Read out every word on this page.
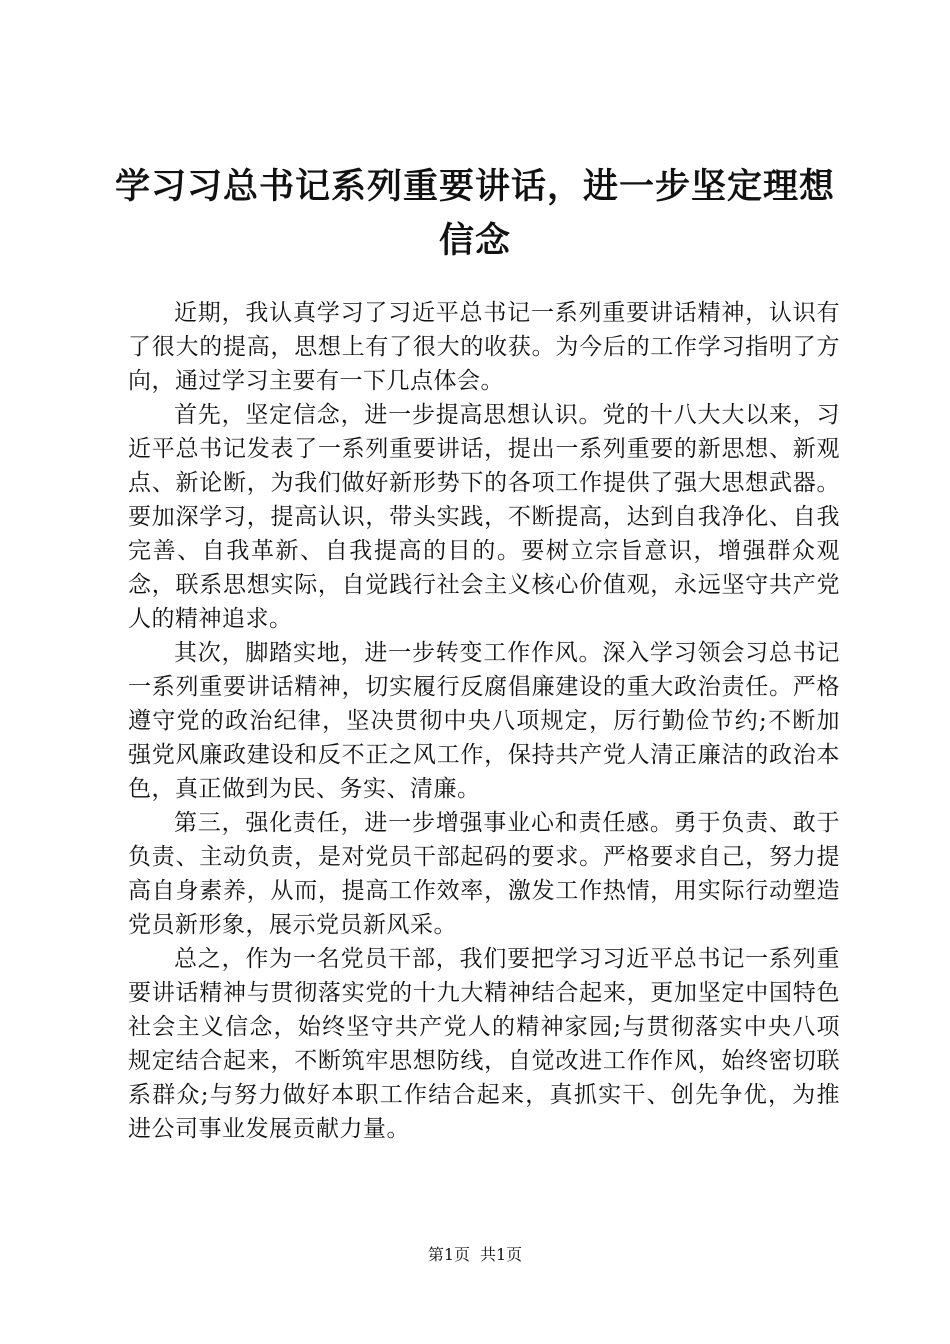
学习习总书记系列重要讲话，进一步坚定理想信念

近期，我认真学习了习近平总书记一系列重要讲话精神，认识有了很大的提高，思想上有了很大的收获。为今后的工作学习指明了方向，通过学习主要有一下几点体会。

首先，坚定信念，进一步提高思想认识。党的十八大大以来，习近平总书记发表了一系列重要讲话，提出一系列重要的新思想、新观点、新论断，为我们做好新形势下的各项工作提供了强大思想武器。要加深学习，提高认识，带头实践，不断提高，达到自我净化、自我完善、自我革新、自我提高的目的。要树立宗旨意识，增强群众观念，联系思想实际，自觉践行社会主义核心价值观，永远坚守共产党人的精神追求。

其次，脚踏实地，进一步转变工作作风。深入学习领会习总书记一系列重要讲话精神，切实履行反腐倡廉建设的重大政治责任。严格遵守党的政治纪律，坚决贯彻中央八项规定，厉行勤俭节约;不断加强党风廉政建设和反不正之风工作，保持共产党人清正廉洁的政治本色，真正做到为民、务实、清廉。

第三，强化责任，进一步增强事业心和责任感。勇于负责、敢于负责、主动负责，是对党员干部起码的要求。严格要求自己，努力提高自身素养，从而，提高工作效率，激发工作热情，用实际行动塑造党员新形象，展示党员新风采。

总之，作为一名党员干部，我们要把学习习近平总书记一系列重要讲话精神与贯彻落实党的十九大精神结合起来，更加坚定中国特色社会主义信念，始终坚守共产党人的精神家园;与贯彻落实中央八项规定结合起来，不断筑牢思想防线，自觉改进工作作风，始终密切联系群众;与努力做好本职工作结合起来，真抓实干、创先争优，为推进公司事业发展贡献力量。

第1页 共1页
